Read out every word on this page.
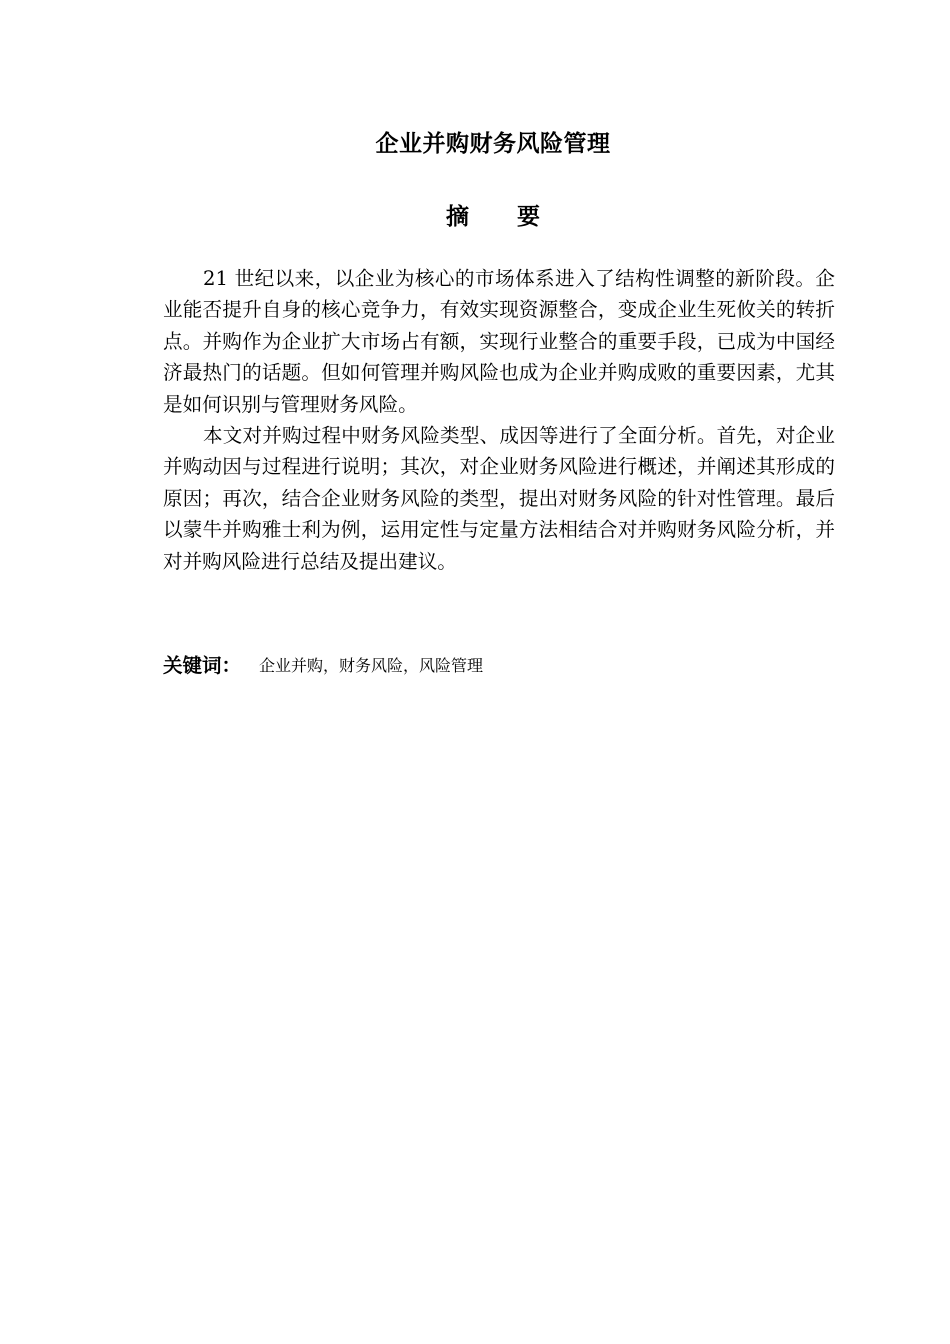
企业并购财务风险管理
摘要

21 世纪以来，以企业为核心的市场体系进入了结构性调整的新阶段。企业能否提升自身的核心竞争力，有效实现资源整合，变成企业生死攸关的转折点。并购作为企业扩大市场占有额，实现行业整合的重要手段，已成为中国经济最热门的话题。但如何管理并购风险也成为企业并购成败的重要因素，尤其是如何识别与管理财务风险。

本文对并购过程中财务风险类型、成因等进行了全面分析。首先，对企业并购动因与过程进行说明；其次，对企业财务风险进行概述，并阐述其形成的原因；再次，结合企业财务风险的类型，提出对财务风险的针对性管理。最后以蒙牛并购雅士利为例，运用定性与定量方法相结合对并购财务风险分析，并对并购风险进行总结及提出建议。

关键词： 企业并购，财务风险，风险管理
